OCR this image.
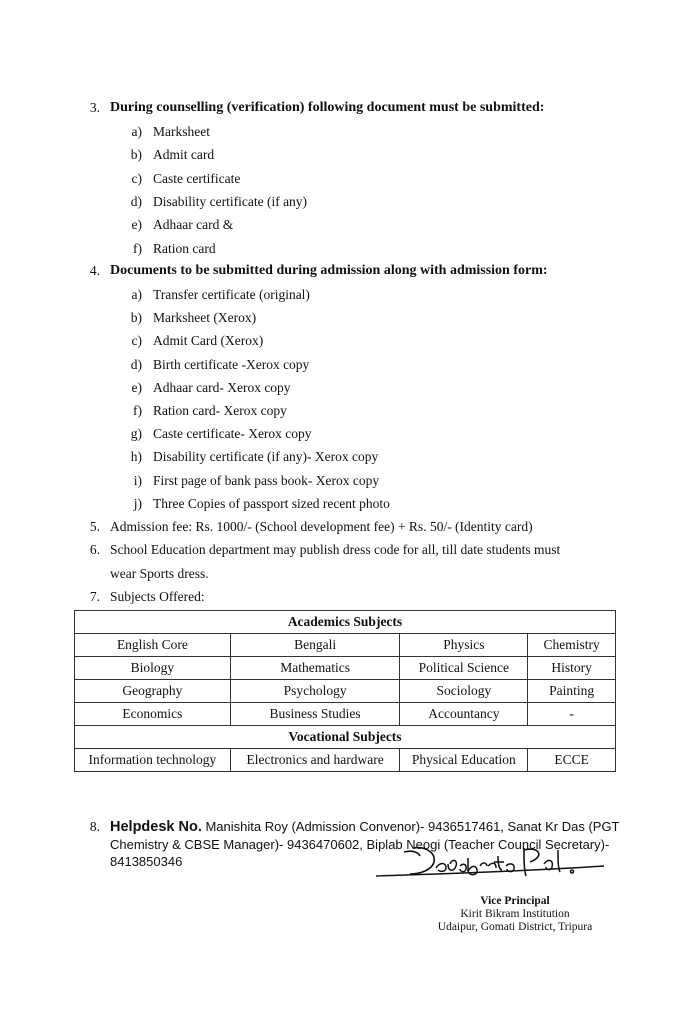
3. During counselling (verification) following document must be submitted:
a) Marksheet
b) Admit card
c) Caste certificate
d) Disability certificate (if any)
e) Adhaar card &
f) Ration card
4. Documents to be submitted during admission along with admission form:
a) Transfer certificate (original)
b) Marksheet (Xerox)
c) Admit Card (Xerox)
d) Birth certificate -Xerox copy
e) Adhaar card- Xerox copy
f) Ration card- Xerox copy
g) Caste certificate- Xerox copy
h) Disability certificate (if any)- Xerox copy
i) First page of bank pass book- Xerox copy
j) Three Copies of passport sized recent photo
5. Admission fee: Rs. 1000/- (School development fee) + Rs. 50/- (Identity card)
6. School Education department may publish dress code for all, till date students must
wear Sports dress.
7. Subjects Offered:
Academics Subjects			
English Core	Bengali	Physics	Chemistry
Biology	Mathematics	Political Science	History
Geography	Psychology	Sociology	Painting
Economics	Business Studies	Accountancy	-
Vocational Subjects			
Information technology	Electronics and hardware	Physical Education	ECCE
8. Helpdesk No. Manishita Roy (Admission Convenor)- 9436517461, Sanat Kr Das (PGT
Chemistry & CBSE Manager)- 9436470602, Biplab Neogi (Teacher Council Secretary)-
8413850346
Vice Principal
Kirit Bikram Institution
Udaipur, Gomati District, Tripura
